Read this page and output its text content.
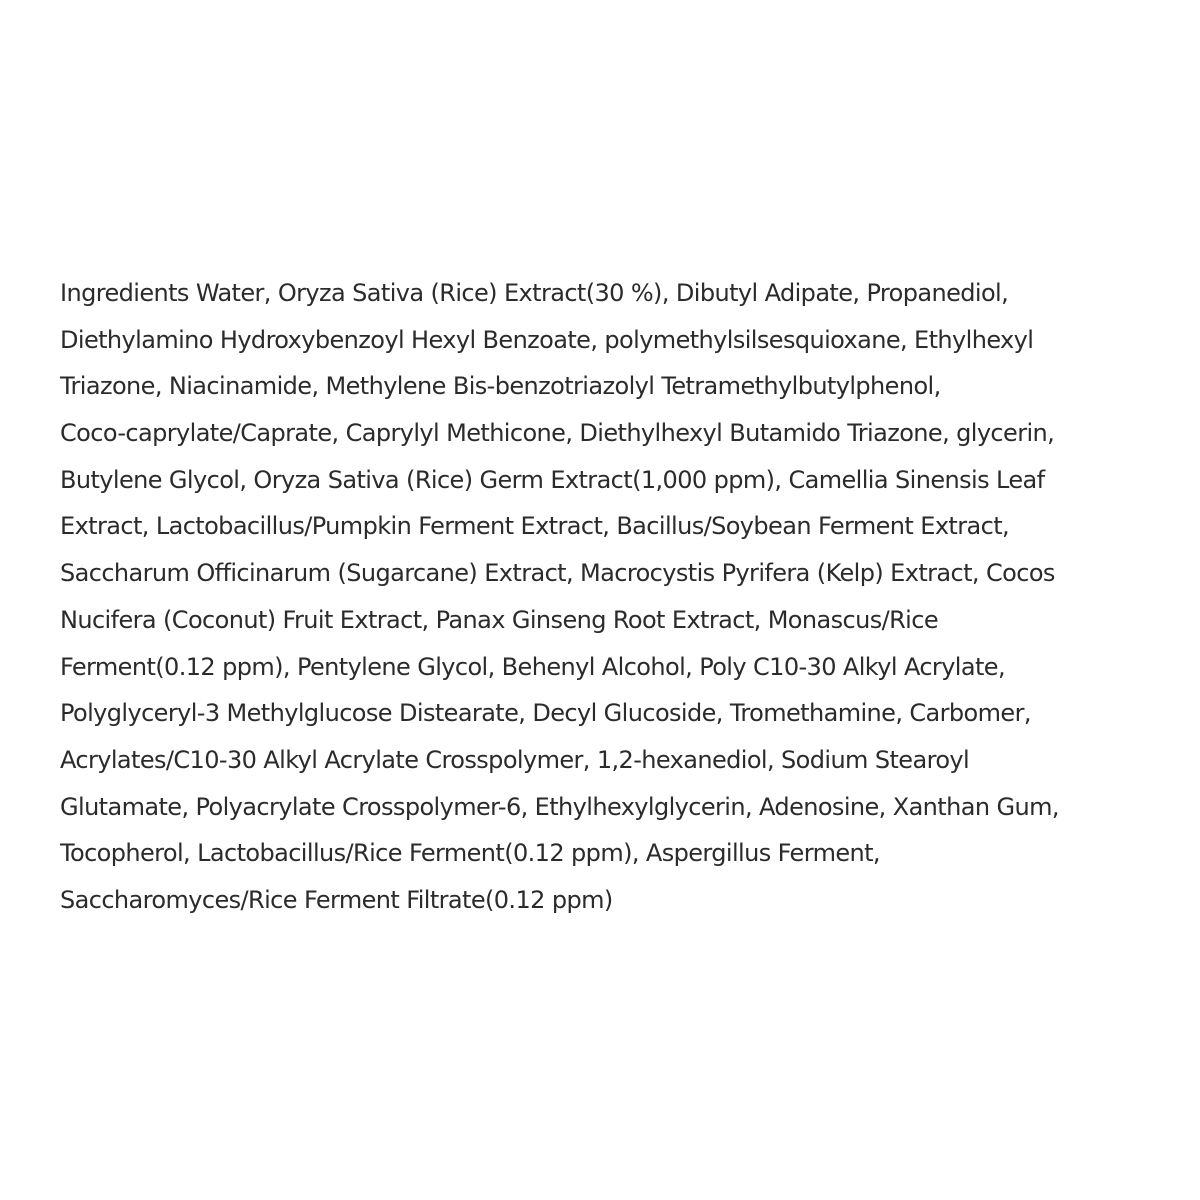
Ingredients Water, Oryza Sativa (Rice) Extract(30 %), Dibutyl Adipate, Propanediol,
Diethylamino Hydroxybenzoyl Hexyl Benzoate, polymethylsilsesquioxane, Ethylhexyl
Triazone, Niacinamide, Methylene Bis-benzotriazolyl Tetramethylbutylphenol,
Coco-caprylate/Caprate, Caprylyl Methicone, Diethylhexyl Butamido Triazone, glycerin,
Butylene Glycol, Oryza Sativa (Rice) Germ Extract(1,000 ppm), Camellia Sinensis Leaf
Extract, Lactobacillus/Pumpkin Ferment Extract, Bacillus/Soybean Ferment Extract,
Saccharum Officinarum (Sugarcane) Extract, Macrocystis Pyrifera (Kelp) Extract, Cocos
Nucifera (Coconut) Fruit Extract, Panax Ginseng Root Extract, Monascus/Rice
Ferment(0.12 ppm), Pentylene Glycol, Behenyl Alcohol, Poly C10-30 Alkyl Acrylate,
Polyglyceryl-3 Methylglucose Distearate, Decyl Glucoside, Tromethamine, Carbomer,
Acrylates/C10-30 Alkyl Acrylate Crosspolymer, 1,2-hexanediol, Sodium Stearoyl
Glutamate, Polyacrylate Crosspolymer-6, Ethylhexylglycerin, Adenosine, Xanthan Gum,
Tocopherol, Lactobacillus/Rice Ferment(0.12 ppm), Aspergillus Ferment,
Saccharomyces/Rice Ferment Filtrate(0.12 ppm)
